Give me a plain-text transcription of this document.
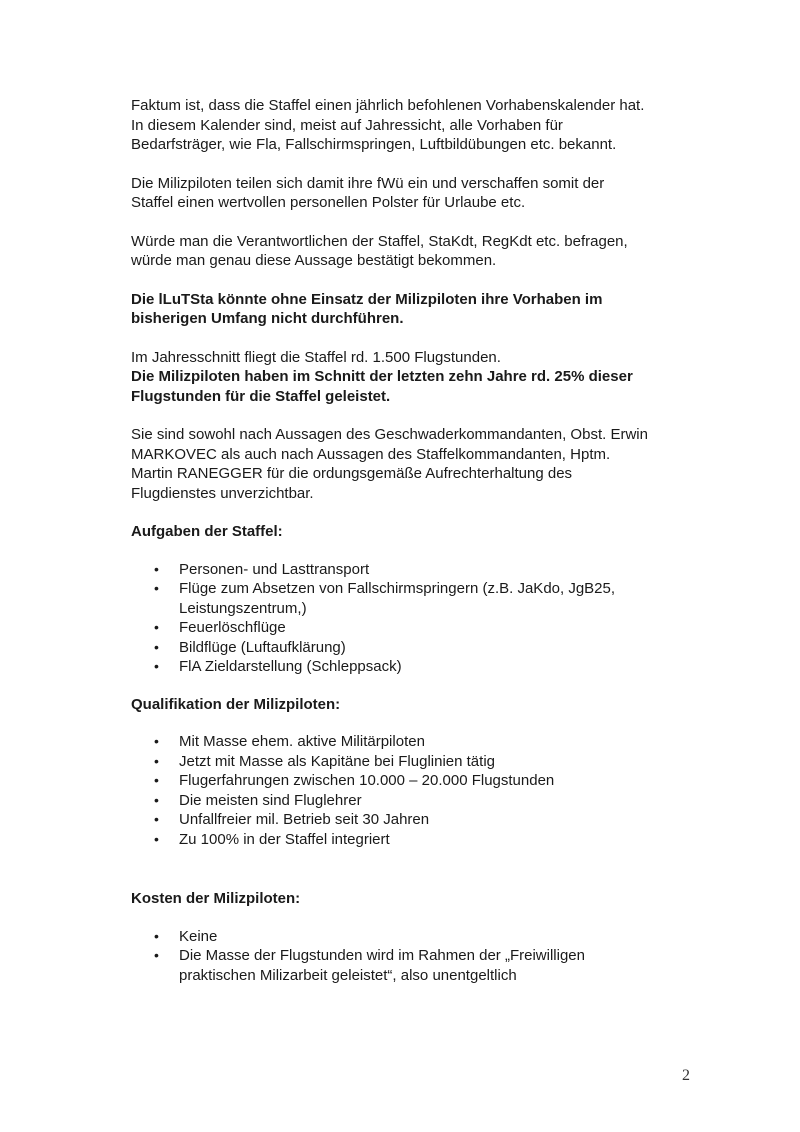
Faktum ist, dass die Staffel einen jährlich befohlenen Vorhabenskalender hat.
In diesem Kalender sind, meist auf Jahressicht, alle Vorhaben für
Bedarfsträger, wie Fla, Fallschirmspringen, Luftbildübungen etc. bekannt.

Die Milizpiloten teilen sich damit ihre fWü ein und verschaffen somit der
Staffel einen wertvollen personellen Polster für Urlaube etc.

Würde man die Verantwortlichen der Staffel, StaKdt, RegKdt etc. befragen,
würde man genau diese Aussage bestätigt bekommen.

Die lLuTSta könnte ohne Einsatz der Milizpiloten ihre Vorhaben im
bisherigen Umfang nicht durchführen.

Im Jahresschnitt fliegt die Staffel rd. 1.500 Flugstunden.
Die Milizpiloten haben im Schnitt der letzten zehn Jahre rd. 25% dieser
Flugstunden für die Staffel geleistet.

Sie sind sowohl nach Aussagen des Geschwaderkommandanten, Obst. Erwin
MARKOVEC als auch nach Aussagen des Staffelkommandanten, Hptm.
Martin RANEGGER für die ordungsgemäße Aufrechterhaltung des
Flugdienstes unverzichtbar.

Aufgaben der Staffel:
• Personen- und Lasttransport
• Flüge zum Absetzen von Fallschirmspringern (z.B. JaKdo, JgB25,
Leistungszentrum,)
• Feuerlöschflüge
• Bildflüge (Luftaufklärung)
• FlA Zieldarstellung (Schleppsack)
Qualifikation der Milizpiloten:
• Mit Masse ehem. aktive Militärpiloten
• Jetzt mit Masse als Kapitäne bei Fluglinien tätig
• Flugerfahrungen zwischen 10.000 – 20.000 Flugstunden
• Die meisten sind Fluglehrer
• Unfallfreier mil. Betrieb seit 30 Jahren
• Zu 100% in der Staffel integriert
Kosten der Milizpiloten:
• Keine
• Die Masse der Flugstunden wird im Rahmen der „Freiwilligen
praktischen Milizarbeit geleistet“, also unentgeltlich
2
